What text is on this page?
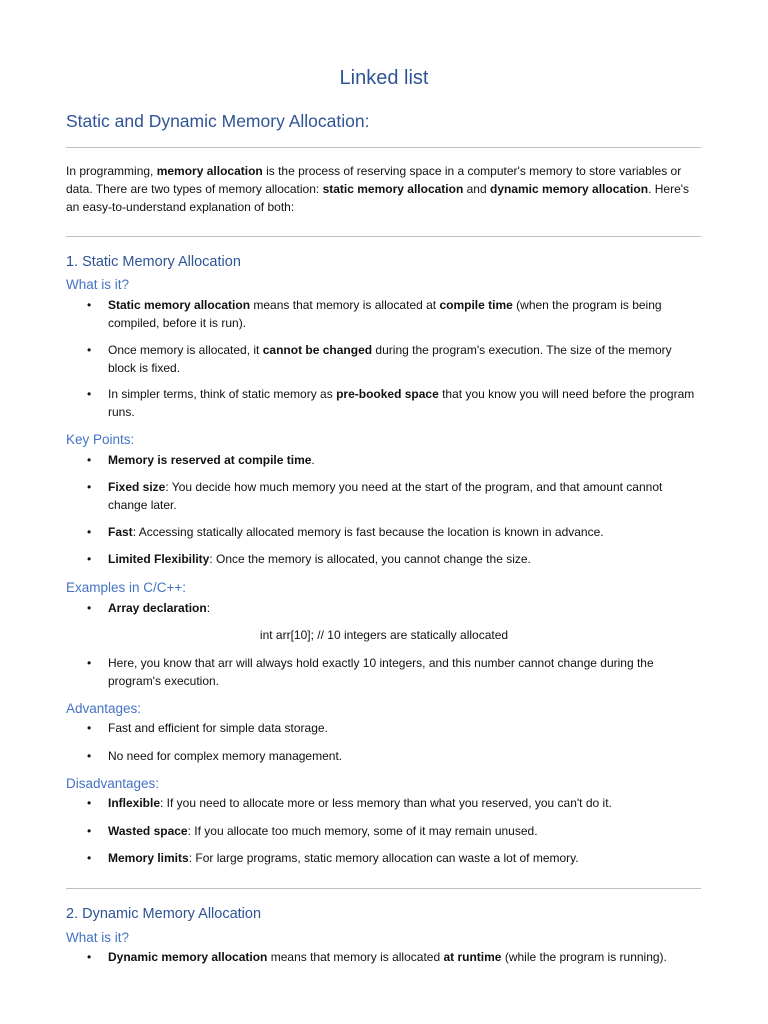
Linked list
Static and Dynamic Memory Allocation:
In programming, memory allocation is the process of reserving space in a computer's memory to store variables or data. There are two types of memory allocation: static memory allocation and dynamic memory allocation. Here's an easy-to-understand explanation of both:
1. Static Memory Allocation
What is it?
• Static memory allocation means that memory is allocated at compile time (when the program is being compiled, before it is run).
• Once memory is allocated, it cannot be changed during the program's execution. The size of the memory block is fixed.
• In simpler terms, think of static memory as pre-booked space that you know you will need before the program runs.
Key Points:
• Memory is reserved at compile time.
• Fixed size: You decide how much memory you need at the start of the program, and that amount cannot change later.
• Fast: Accessing statically allocated memory is fast because the location is known in advance.
• Limited Flexibility: Once the memory is allocated, you cannot change the size.
Examples in C/C++:
• Array declaration:
int arr[10]; // 10 integers are statically allocated
• Here, you know that arr will always hold exactly 10 integers, and this number cannot change during the program's execution.
Advantages:
• Fast and efficient for simple data storage.
• No need for complex memory management.
Disadvantages:
• Inflexible: If you need to allocate more or less memory than what you reserved, you can't do it.
• Wasted space: If you allocate too much memory, some of it may remain unused.
• Memory limits: For large programs, static memory allocation can waste a lot of memory.
2. Dynamic Memory Allocation
What is it?
• Dynamic memory allocation means that memory is allocated at runtime (while the program is running).
